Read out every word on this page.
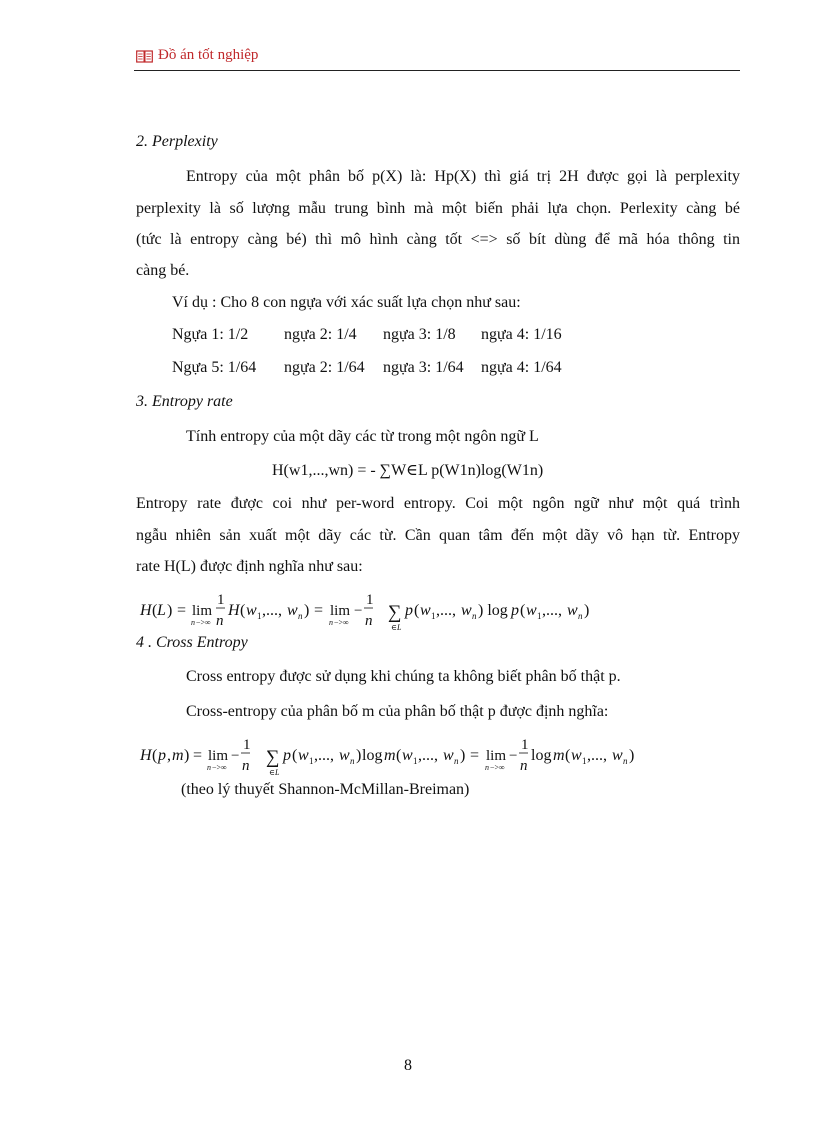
Đồ án tốt nghiệp
2. Perplexity
Entropy của một phân bố p(X) là: Hp(X) thì giá trị 2H được gọi là perplexity
perplexity là số lượng mẫu trung bình mà một biến phải lựa chọn. Perlexity càng bé
(tức là entropy càng bé) thì mô hình càng tốt <=> số bít dùng để mã hóa thông tin
càng bé.
Ví dụ : Cho 8 con ngựa với xác suất lựa chọn như sau:
Ngựa 1: 1/2 ngựa 2: 1/4 ngựa 3: 1/8 ngựa 4: 1/16
Ngựa 5: 1/64 ngựa 2: 1/64 ngựa 3: 1/64 ngựa 4: 1/64
3. Entropy rate
Tính entropy của một dãy các từ trong một ngôn ngữ L
H(w1,...,wn) = - ∑W∈L p(W1n)log(W1n)
Entropy rate được coi như per-word entropy. Coi một ngôn ngữ như một quá trình
ngẫu nhiên sản xuất một dãy các từ. Cần quan tâm đến một dãy vô hạn từ. Entropy
rate H(L) được định nghĩa như sau:
H ( L ) = lim
n −>∞
1
n
H ( w 1 ,..., w n ) = lim
n −>∞
−
1
n ∑
∈ L
p ( w 1 ,..., w n ) log p ( w 1 ,..., w n )
4 . Cross Entropy
Cross entropy được sử dụng khi chúng ta không biết phân bố thật p.
Cross-entropy của phân bố m của phân bố thật p được định nghĩa:
H ( p , m ) = lim
n −>∞
−
1
n ∑
∈ L
p ( w 1 ,..., w n ) log m ( w 1 ,..., w n ) = lim
n −>∞
−
1
n
log m ( w 1 ,..., w n )
(theo lý thuyết Shannon-McMillan-Breiman)
8
